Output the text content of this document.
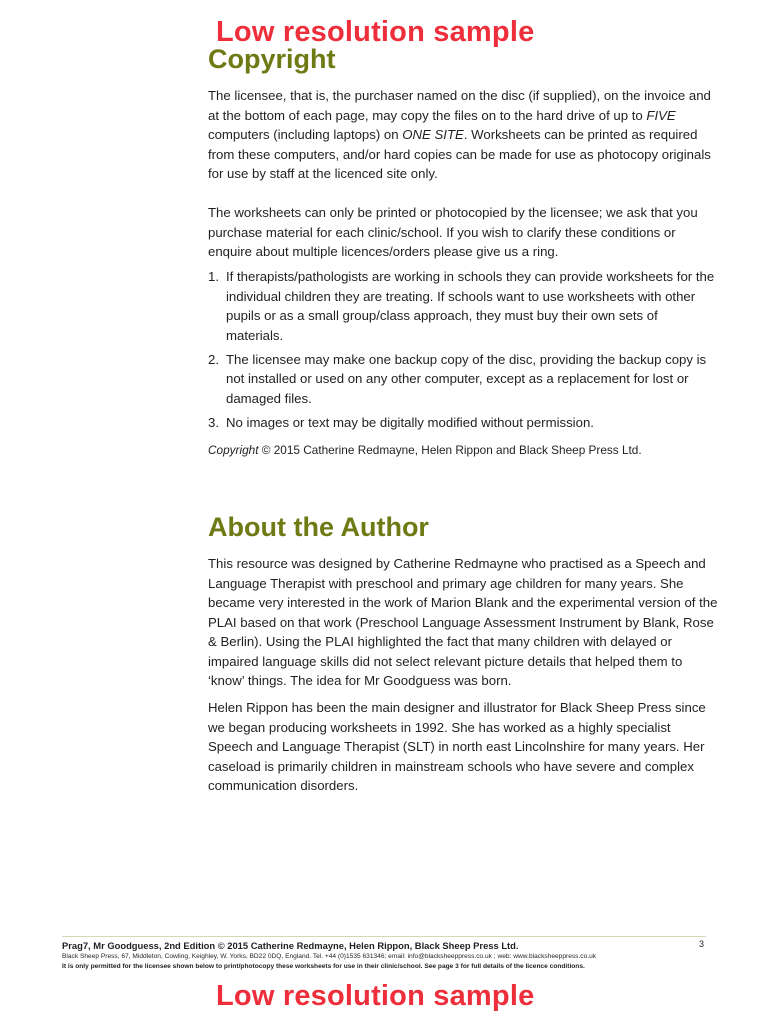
Low resolution sample
Copyright

The licensee, that is, the purchaser named on the disc (if supplied), on the invoice and at the bottom of each page, may copy the files on to the hard drive of up to FIVE computers (including laptops) on ONE SITE. Worksheets can be printed as required from these computers, and/or hard copies can be made for use as photocopy originals for use by staff at the licenced site only.

The worksheets can only be printed or photocopied by the licensee; we ask that you purchase material for each clinic/school. If you wish to clarify these conditions or enquire about multiple licences/orders please give us a ring.

1. If therapists/pathologists are working in schools they can provide worksheets for the individual children they are treating. If schools want to use worksheets with other pupils or as a small group/class approach, they must buy their own sets of materials.
2. The licensee may make one backup copy of the disc, providing the backup copy is not installed or used on any other computer, except as a replacement for lost or damaged files.
3. No images or text may be digitally modified without permission.
Copyright © 2015 Catherine Redmayne, Helen Rippon and Black Sheep Press Ltd.
About the Author

This resource was designed by Catherine Redmayne who practised as a Speech and Language Therapist with preschool and primary age children for many years. She became very interested in the work of Marion Blank and the experimental version of the PLAI based on that work (Preschool Language Assessment Instrument by Blank, Rose & Berlin). Using the PLAI highlighted the fact that many children with delayed or impaired language skills did not select relevant picture details that helped them to ‘know’ things. The idea for Mr Goodguess was born.

Helen Rippon has been the main designer and illustrator for Black Sheep Press since we began producing worksheets in 1992. She has worked as a highly specialist Speech and Language Therapist (SLT) in north east Lincolnshire for many years. Her caseload is primarily children in mainstream schools who have severe and complex communication disorders.

Prag7, Mr Goodguess, 2nd Edition © 2015 Catherine Redmayne, Helen Rippon, Black Sheep Press Ltd.
Black Sheep Press, 67, Middleton, Cowling, Keighley, W. Yorks, BD22 0DQ, England. Tel. +44 (0)1535 631346; email: info@blacksheeppress.co.uk ; web: www.blacksheeppress.co.uk
It is only permitted for the licensee shown below to print/photocopy these worksheets for use in their clinic/school. See page 3 for full details of the licence conditions.
3
Low resolution sample
